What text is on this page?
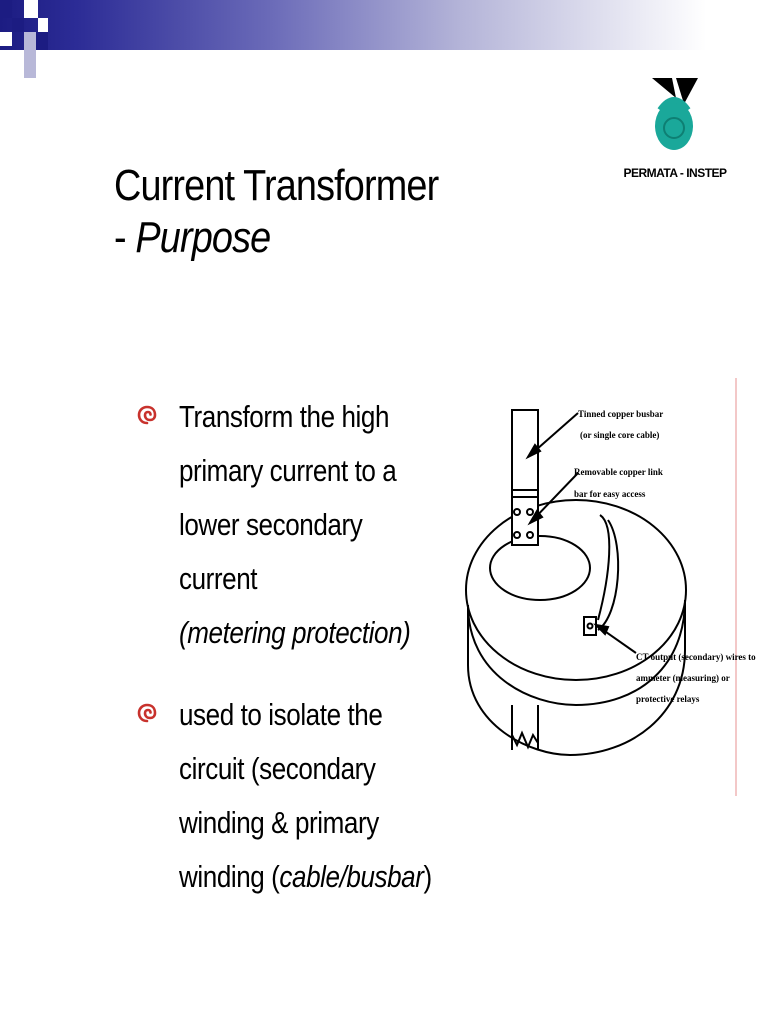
PERMATA - INSTEP
Current Transformer
- Purpose
Transform the high
primary current to a
lower secondary
current
(metering protection)
used to isolate the
circuit (secondary
winding & primary
winding (cable/busbar)
Tinned copper busbar
(or single core cable)
Removable copper link
bar for easy access
CT output (secondary) wires to
ammeter (measuring) or
protective relays
